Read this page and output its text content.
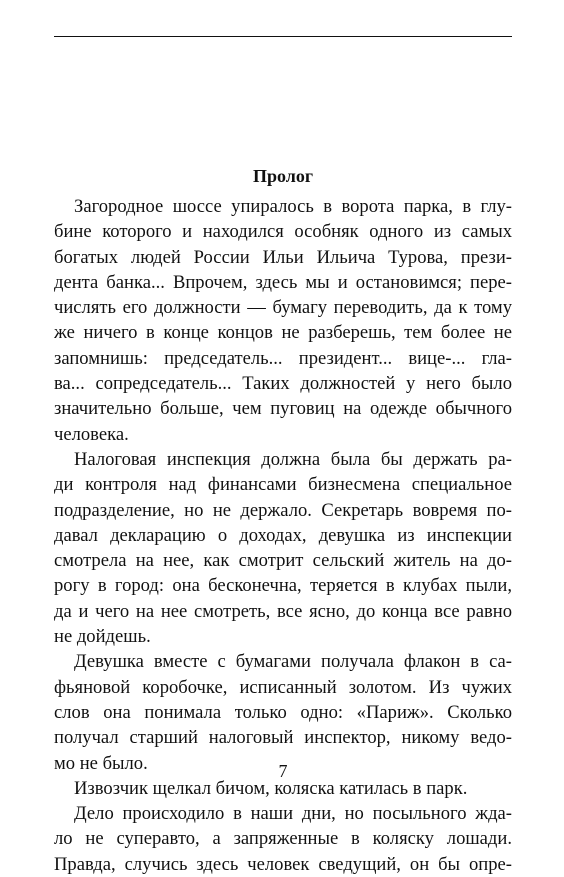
Пролог
Загородное шоссе упиралось в ворота парка, в глу-
бине которого и находился особняк одного из самых
богатых людей России Ильи Ильича Турова, прези-
дента банка... Впрочем, здесь мы и остановимся; пере-
числять его должности — бумагу переводить, да к тому
же ничего в конце концов не разберешь, тем более не
запомнишь: председатель... президент... вице-... гла-
ва... сопредседатель... Таких должностей у него было
значительно больше, чем пуговиц на одежде обычного
человека.
Налоговая инспекция должна была бы держать ра-
ди контроля над финансами бизнесмена специальное
подразделение, но не держало. Секретарь вовремя по-
давал декларацию о доходах, девушка из инспекции
смотрела на нее, как смотрит сельский житель на до-
рогу в город: она бесконечна, теряется в клубах пыли,
да и чего на нее смотреть, все ясно, до конца все равно
не дойдешь.
Девушка вместе с бумагами получала флакон в са-
фьяновой коробочке, исписанный золотом. Из чужих
слов она понимала только одно: «Париж». Сколько
получал старший налоговый инспектор, никому ведо-
мо не было.
Извозчик щелкал бичом, коляска катилась в парк.
Дело происходило в наши дни, но посыльного жда-
ло не суперавто, а запряженные в коляску лошади.
Правда, случись здесь человек сведущий, он бы опре-
7
